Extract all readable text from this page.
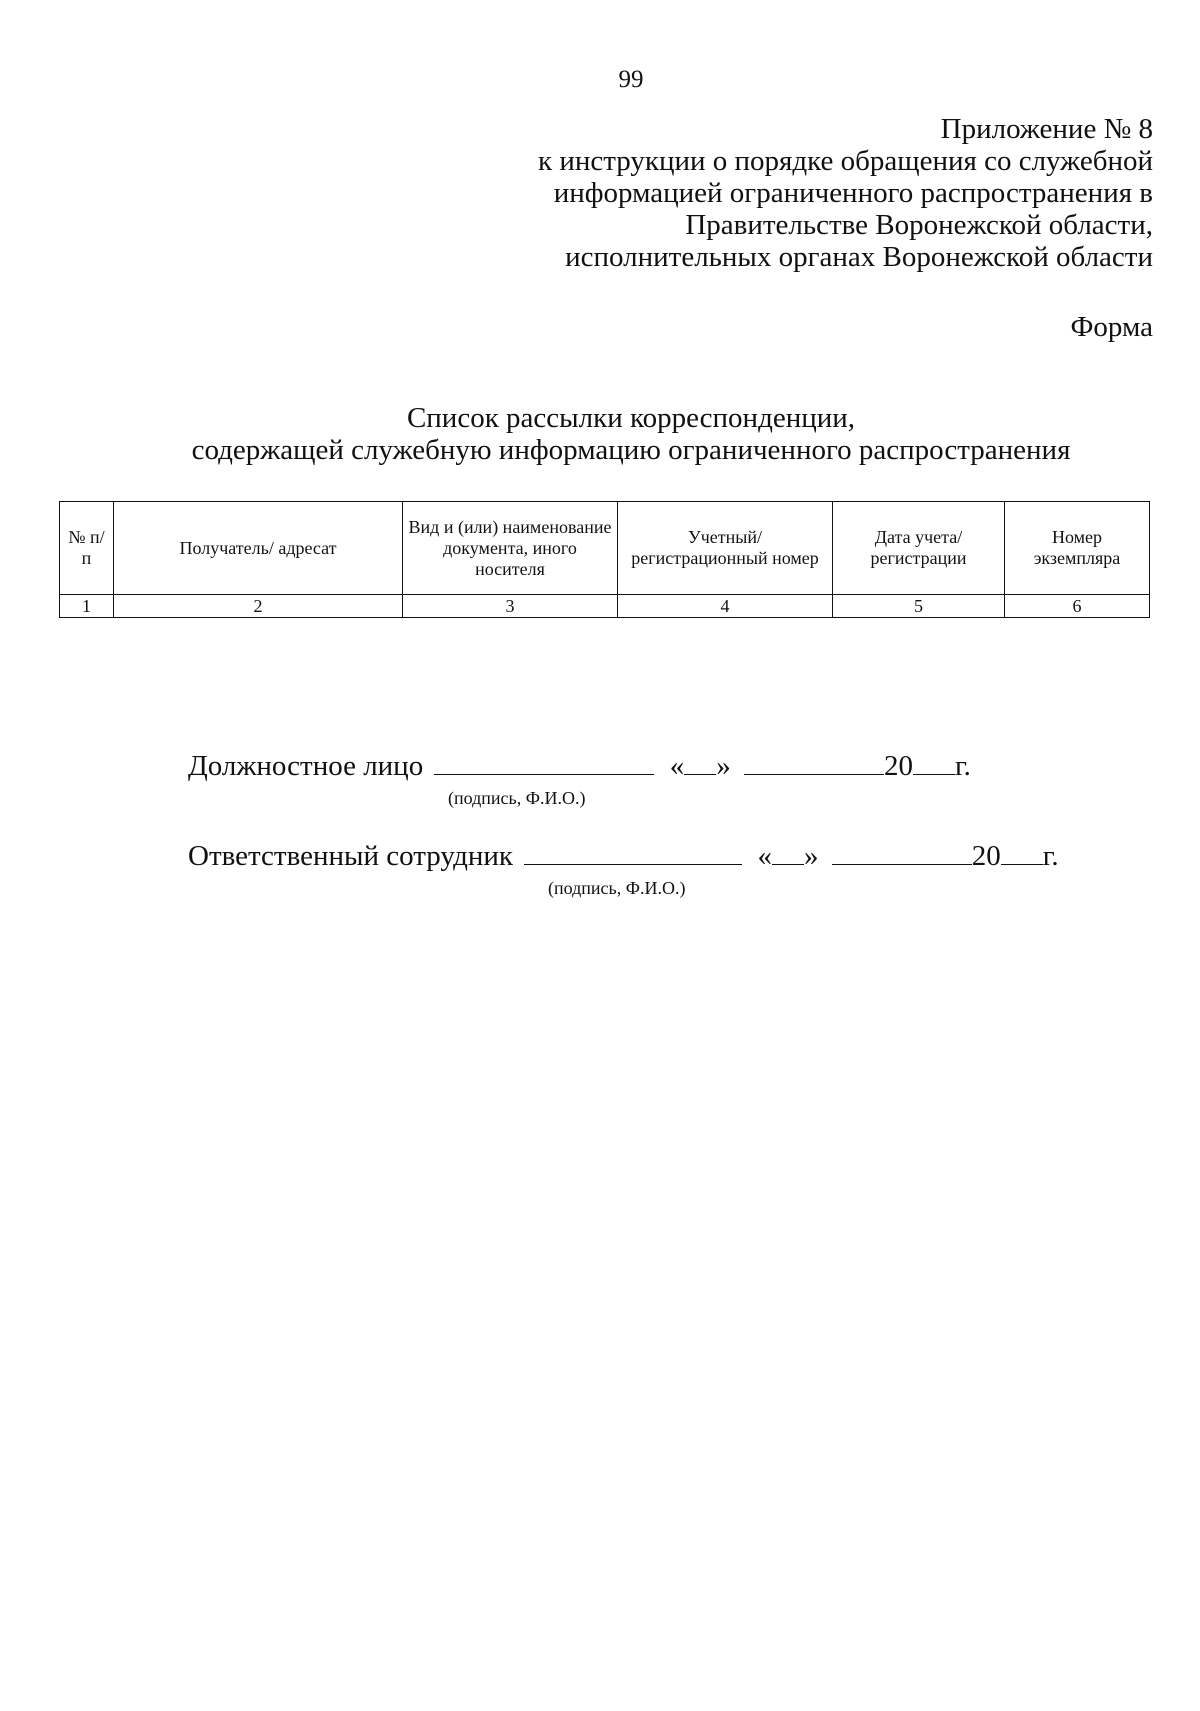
99
Приложение № 8
к инструкции о порядке обращения со служебной
информацией ограниченного распространения в
Правительстве Воронежской области,
исполнительных органах Воронежской области
Форма
Список рассылки корреспонденции,
содержащей служебную информацию ограниченного распространения
№ п/п	Получатель/ адресат	Вид и (или) наименование документа, иного носителя	Учетный/ регистрационный номер	Дата учета/ регистрации	Номер экземпляра
1	2	3	4	5	6
Должностное лицо	« »	20 г.
(подпись, Ф.И.О.)
Ответственный сотрудник	« »	20 г.
(подпись, Ф.И.О.)
